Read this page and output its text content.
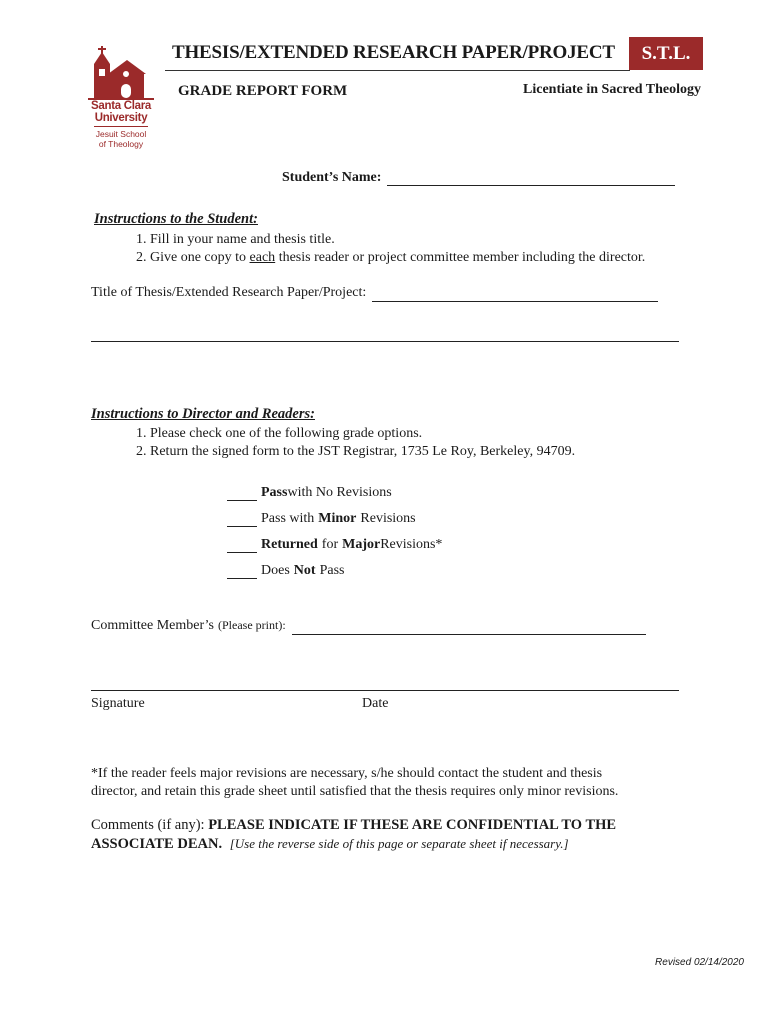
Santa Clara
University
Jesuit School
of Theology
THESIS/EXTENDED RESEARCH PAPER/PROJECT	S.T.L.
GRADE REPORT FORM	Licentiate in Sacred Theology
Student’s Name:
Instructions to the Student:
1. Fill in your name and thesis title.
2. Give one copy to each thesis reader or project committee member including the director.
Title of Thesis/Extended Research Paper/Project:
Instructions to Director and Readers:
1. Please check one of the following grade options.
2. Return the signed form to the JST Registrar, 1735 Le Roy, Berkeley, 94709.
Pass with No Revisions
Pass with Minor Revisions
Returned for Major Revisions*
Does Not Pass
Committee Member’s (Please print):
Signature	Date
*If the reader feels major revisions are necessary, s/he should contact the student and thesis
director, and retain this grade sheet until satisfied that the thesis requires only minor revisions.
Comments (if any): PLEASE INDICATE IF THESE ARE CONFIDENTIAL TO THE
ASSOCIATE DEAN. [Use the reverse side of this page or separate sheet if necessary.]
Revised 02/14/2020
